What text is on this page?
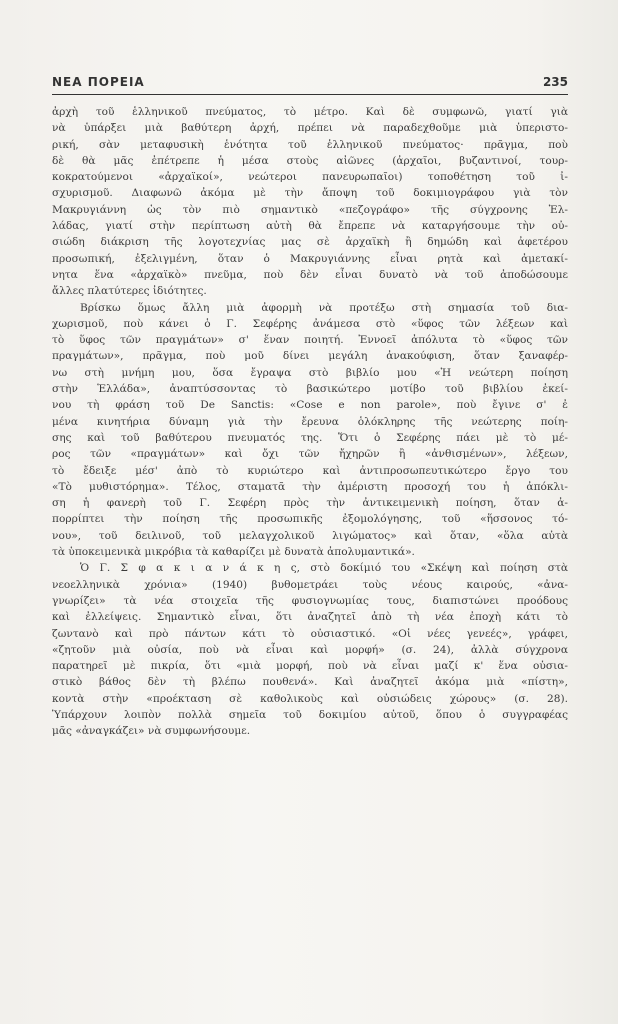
ΝΕΑ ΠΟΡΕΙΑ	235

ἀρχὴ τοῦ ἑλληνικοῦ πνεύματος, τὸ μέτρο. Καὶ δὲ συμφωνῶ, γιατί γιὰ
νὰ ὑπάρξει μιὰ βαθύτερη ἀρχή, πρέπει νὰ παραδεχθοῦμε μιὰ ὑπεριστο-
ρική, σὰν μεταφυσικὴ ἑνότητα τοῦ ἑλληνικοῦ πνεύματος· πρᾶγμα, ποὺ
δὲ θὰ μᾶς ἐπέτρεπε ἡ μέσα στοὺς αἰῶνες (ἀρχαῖοι, βυζαντινοί, τουρ-
κοκρατούμενοι «ἀρχαϊκοί», νεώτεροι πανευρωπαῖοι) τοποθέτηση τοῦ ἰ-
σχυρισμοῦ. Διαφωνῶ ἀκόμα μὲ τὴν ἄποψη τοῦ δοκιμιογράφου γιὰ τὸν
Μακρυγιάννη ὡς τὸν πιὸ σημαντικὸ «πεζογράφο» τῆς σύγχρονης Ἑλ-
λάδας, γιατί στὴν περίπτωση αὐτὴ θὰ ἔπρεπε νὰ καταργήσουμε τὴν οὐ-
σιώδη διάκριση τῆς λογοτεχνίας μας σὲ ἀρχαϊκὴ ἢ δημώδη καὶ ἀφετέρου
προσωπική, ἐξελιγμένη, ὅταν ὁ Μακρυγιάννης εἶναι ρητὰ καὶ ἀμετακί-
νητα ἕνα «ἀρχαϊκὸ» πνεῦμα, ποὺ δὲν εἶναι δυνατὸ νὰ τοῦ ἀποδώσουμε
ἄλλες πλατύτερες ἰδιότητες.

Βρίσκω ὅμως ἄλλη μιὰ ἀφορμὴ νὰ προτέξω στὴ σημασία τοῦ δια-
χωρισμοῦ, ποὺ κάνει ὁ Γ. Σεφέρης ἀνάμεσα στὸ «ὕφος τῶν λέξεων καὶ
τὸ ὕφος τῶν πραγμάτων» σ' ἕναν ποιητή. Ἐννοεῖ ἀπόλυτα τὸ «ὕφος τῶν
πραγμάτων», πρᾶγμα, ποὺ μοῦ δίνει μεγάλη ἀνακούφιση, ὅταν ξαναφέρ-
νω στὴ μνήμη μου, ὅσα ἔγραψα στὸ βιβλίο μου «Ἡ νεώτερη ποίηση
στὴν Ἑλλάδα», ἀναπτύσσοντας τὸ βασικώτερο μοτίβο τοῦ βιβλίου ἐκεί-
νου τὴ φράση τοῦ De Sanctis: «Cose e non parole», ποὺ ἔγινε σ' ἐ
μένα κινητήρια δύναμη γιὰ τὴν ἔρευνα ὁλόκληρης τῆς νεώτερης ποίη-
σης καὶ τοῦ βαθύτερου πνευματός της. Ὅτι ὁ Σεφέρης πάει μὲ τὸ μέ-
ρος τῶν «πραγμάτων» καὶ ὄχι τῶν ἤχηρῶν ἢ «ἀνθισμένων», λέξεων,
τὸ ἔδειξε μέσ' ἀπὸ τὸ κυριώτερο καὶ ἀντιπροσωπευτικώτερο ἔργο του
«Τὸ μυθιστόρημα». Τέλος, σταματᾶ τὴν ἀμέριστη προσοχή του ἡ ἀπόκλι-
ση ἡ φανερὴ τοῦ Γ. Σεφέρη πρὸς τὴν ἀντικειμενικὴ ποίηση, ὅταν ἀ-
πορρίπτει τὴν ποίηση τῆς προσωπικῆς ἐξομολόγησης, τοῦ «ἥσσονος τό-
νου», τοῦ δειλινοῦ, τοῦ μελαγχολικοῦ λιγώματος» καὶ ὅταν, «ὅλα αὐτὰ
τὰ ὑποκειμενικὰ μικρόβια τὰ καθαρίζει μὲ δυνατὰ ἀπολυμαντικά».

Ὁ Γ. Σ φ α κ ι α ν ά κ η ς, στὸ δοκίμιό του «Σκέψη καὶ ποίηση στὰ
νεοελληνικὰ χρόνια» (1940) βυθομετράει τοὺς νέους καιρούς, «ἀνα-
γνωρίζει» τὰ νέα στοιχεῖα τῆς φυσιογνωμίας τους, διαπιστώνει προόδους
καὶ ἐλλείψεις. Σημαντικὸ εἶναι, ὅτι ἀναζητεῖ ἀπὸ τὴ νέα ἐποχὴ κάτι τὸ
ζωντανὸ καὶ πρὸ πάντων κάτι τὸ οὐσιαστικό. «Οἱ νέες γενεές», γράφει,
«ζητοῦν μιὰ οὐσία, ποὺ νὰ εἶναι καὶ μορφή» (σ. 24), ἀλλὰ σύγχρονα
παρατηρεῖ μὲ πικρία, ὅτι «μιὰ μορφή, ποὺ νὰ εἶναι μαζί κ' ἕνα οὐσια-
στικὸ βάθος δὲν τὴ βλέπω πουθενά». Καὶ ἀναζητεῖ ἀκόμα μιὰ «πίστη»,
κοντὰ στὴν «προέκταση σὲ καθολικοὺς καὶ οὐσιώδεις χώρους» (σ. 28).
Ὑπάρχουν λοιπὸν πολλὰ σημεῖα τοῦ δοκιμίου αὐτοῦ, ὅπου ὁ συγγραφέας
μᾶς «ἀναγκάζει» νὰ συμφωνήσουμε.
